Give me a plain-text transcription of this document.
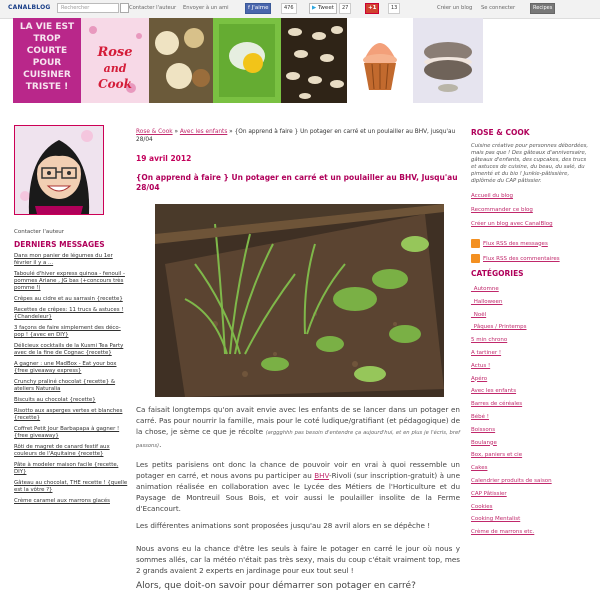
CANALBLOG	Rechercher	Contacter l'auteur Envoyer à un ami	f J'aime	476	▶ Tweet	27	+1	13	Créer un blog Se connecter	Recipes
LA VIE EST TROP COURTE POUR CUISINER TRISTE !
Rose
and
Cook
Contacter l'auteur
DERNIERS MESSAGES
Dans mon panier de légumes du 1er février il y a ...
Taboulé d'hiver express quinoa - fenouil - pommes Ariane , JG bas (+concours très pomme !)
Crêpes au cidre et au sarrasin {recette}
Recettes de crêpes: 11 trucs & astuces ! {Chandeleur}
3 façons de faire simplement des déco-pop ! {avec en DIY}
Délicieux cocktails de la Kusmi Tea Party avec de la fine de Cognac {recette}
A gagner : une MadBox - Eat your box {free giveaway express}
Crunchy praliné chocolat {recette} & ateliers Naturalia
Biscuits au chocolat {recette}
Risotto aux asperges vertes et blanches {recette}
Coffret Petit Jour Barbapapa à gagner ! {free giveaway}
Rôti de magret de canard festif aux couleurs de l'Aquitaine {recette}
Pâte à modeler maison facile {recette, DIY}
Gâteau au chocolat, THE recette ! {quelle est la vôtre ?}
Crème caramel aux marrons glacés
Rose & Cook » Avec les enfants » {On apprend à faire } Un potager en carré et un poulailler au BHV, jusqu'au 28/04
19 avril 2012
{On apprend à faire } Un potager en carré et un poulailler au BHV, Jusqu'au 28/04
Ca faisait longtemps qu'on avait envie avec les enfants de se lancer dans un potager en carré. Pas pour nourrir la famille, mais pour le coté ludique/gratifiant (et pédagogique) de la chose, je sème ce que je récolte (arggghhh pas besoin d'entendre ça aujourd'hui, et en plus je l'écris, bref passons).
Les petits parisiens ont donc la chance de pouvoir voir en vrai à quoi ressemble un potager en carré, et nous avons pu participer au BHV-Rivoli (sur inscription-gratuit) à une animation réalisée en collaboration avec le Lycée des Métiers de l'Horticulture et du Paysage de Montreuil Sous Bois, et voir aussi le poulailler insolite de la Ferme d'Ecancourt.
Les différentes animations sont proposées jusqu'au 28 avril alors en se dépêche !
Nous avons eu la chance d'être les seuls à faire le potager en carré le jour où nous y sommes allés, car la météo n'était pas très sexy, mais du coup c'était vraiment top, mes 2 grands avaient 2 experts en jardinage pour eux tout seul !
Alors, que doit-on savoir pour démarrer son potager en carré?
ROSE & COOK
Cuisine créative pour personnes débordées, mais pas que ! Des gâteaux d'anniversaire, gâteaux d'enfants, des cupcakes, des trucs et astuces de cuisine, du beau, du salé, du pimenté et du bio ! Junkie-pâtissière, diplômée du CAP pâtissier.
Accueil du blog
Recommander ce blog
Créer un blog avec CanalBlog
Flux RSS des messages
Flux RSS des commentaires
CATÉGORIES
_Automne
_Halloween
_Noël
_Pâques / Printemps
5 min chrono
A tartiner !
Actus !
Apéro
Avec les enfants
Barres de céréales
Bébé !
Boissons
Boulange
Box, paniers et cie
Cakes
Calendrier produits de saison
CAP Pâtissier
Cookies
Cooking Mentalist
Crème de marrons etc.
